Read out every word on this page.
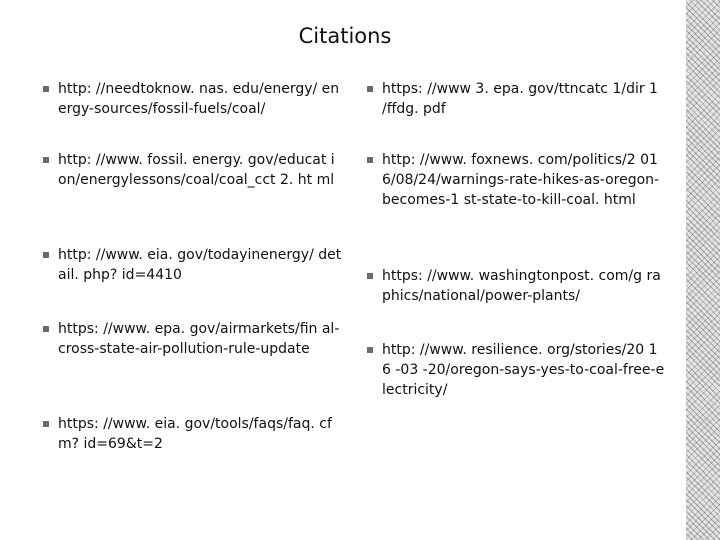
Citations
http: //needtoknow. nas. edu/energy/ energy-sources/fossil-fuels/coal/
http: //www. fossil. energy. gov/educat ion/energylessons/coal/coal_cct 2. ht ml
http: //www. eia. gov/todayinenergy/ detail. php? id=4410
https: //www. epa. gov/airmarkets/fin al-cross-state-air-pollution-rule-update
https: //www. eia. gov/tools/faqs/faq. cfm? id=69&t=2
https: //www 3. epa. gov/ttncatc 1/dir 1 /ffdg. pdf
http: //www. foxnews. com/politics/2 016/08/24/warnings-rate-hikes-as-oregon-becomes-1 st-state-to-kill-coal. html
https: //www. washingtonpost. com/g raphics/national/power-plants/
http: //www. resilience. org/stories/20 16 -03 -20/oregon-says-yes-to-coal-free-electricity/
